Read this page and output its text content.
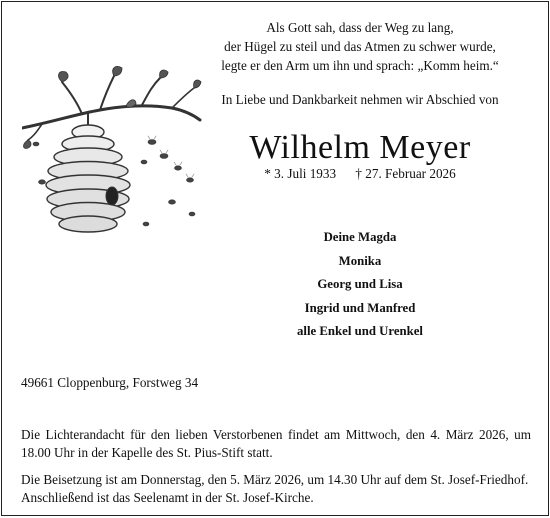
Als Gott sah, dass der Weg zu lang,
der Hügel zu steil und das Atmen zu schwer wurde,
legte er den Arm um ihn und sprach: „Komm heim.“
In Liebe und Dankbarkeit nehmen wir Abschied von
Wilhelm Meyer
* 3. Juli 1933 † 27. Februar 2026
Deine Magda
Monika
Georg und Lisa
Ingrid und Manfred
alle Enkel und Urenkel
49661 Cloppenburg, Forstweg 34
Die Lichterandacht für den lieben Verstorbenen findet am Mittwoch, den 4. März 2026, um 18.00 Uhr in der Kapelle des St. Pius-Stift statt.
Die Beisetzung ist am Donnerstag, den 5. März 2026, um 14.30 Uhr auf dem St. Josef-Friedhof. Anschließend ist das Seelenamt in der St. Josef-Kirche.
